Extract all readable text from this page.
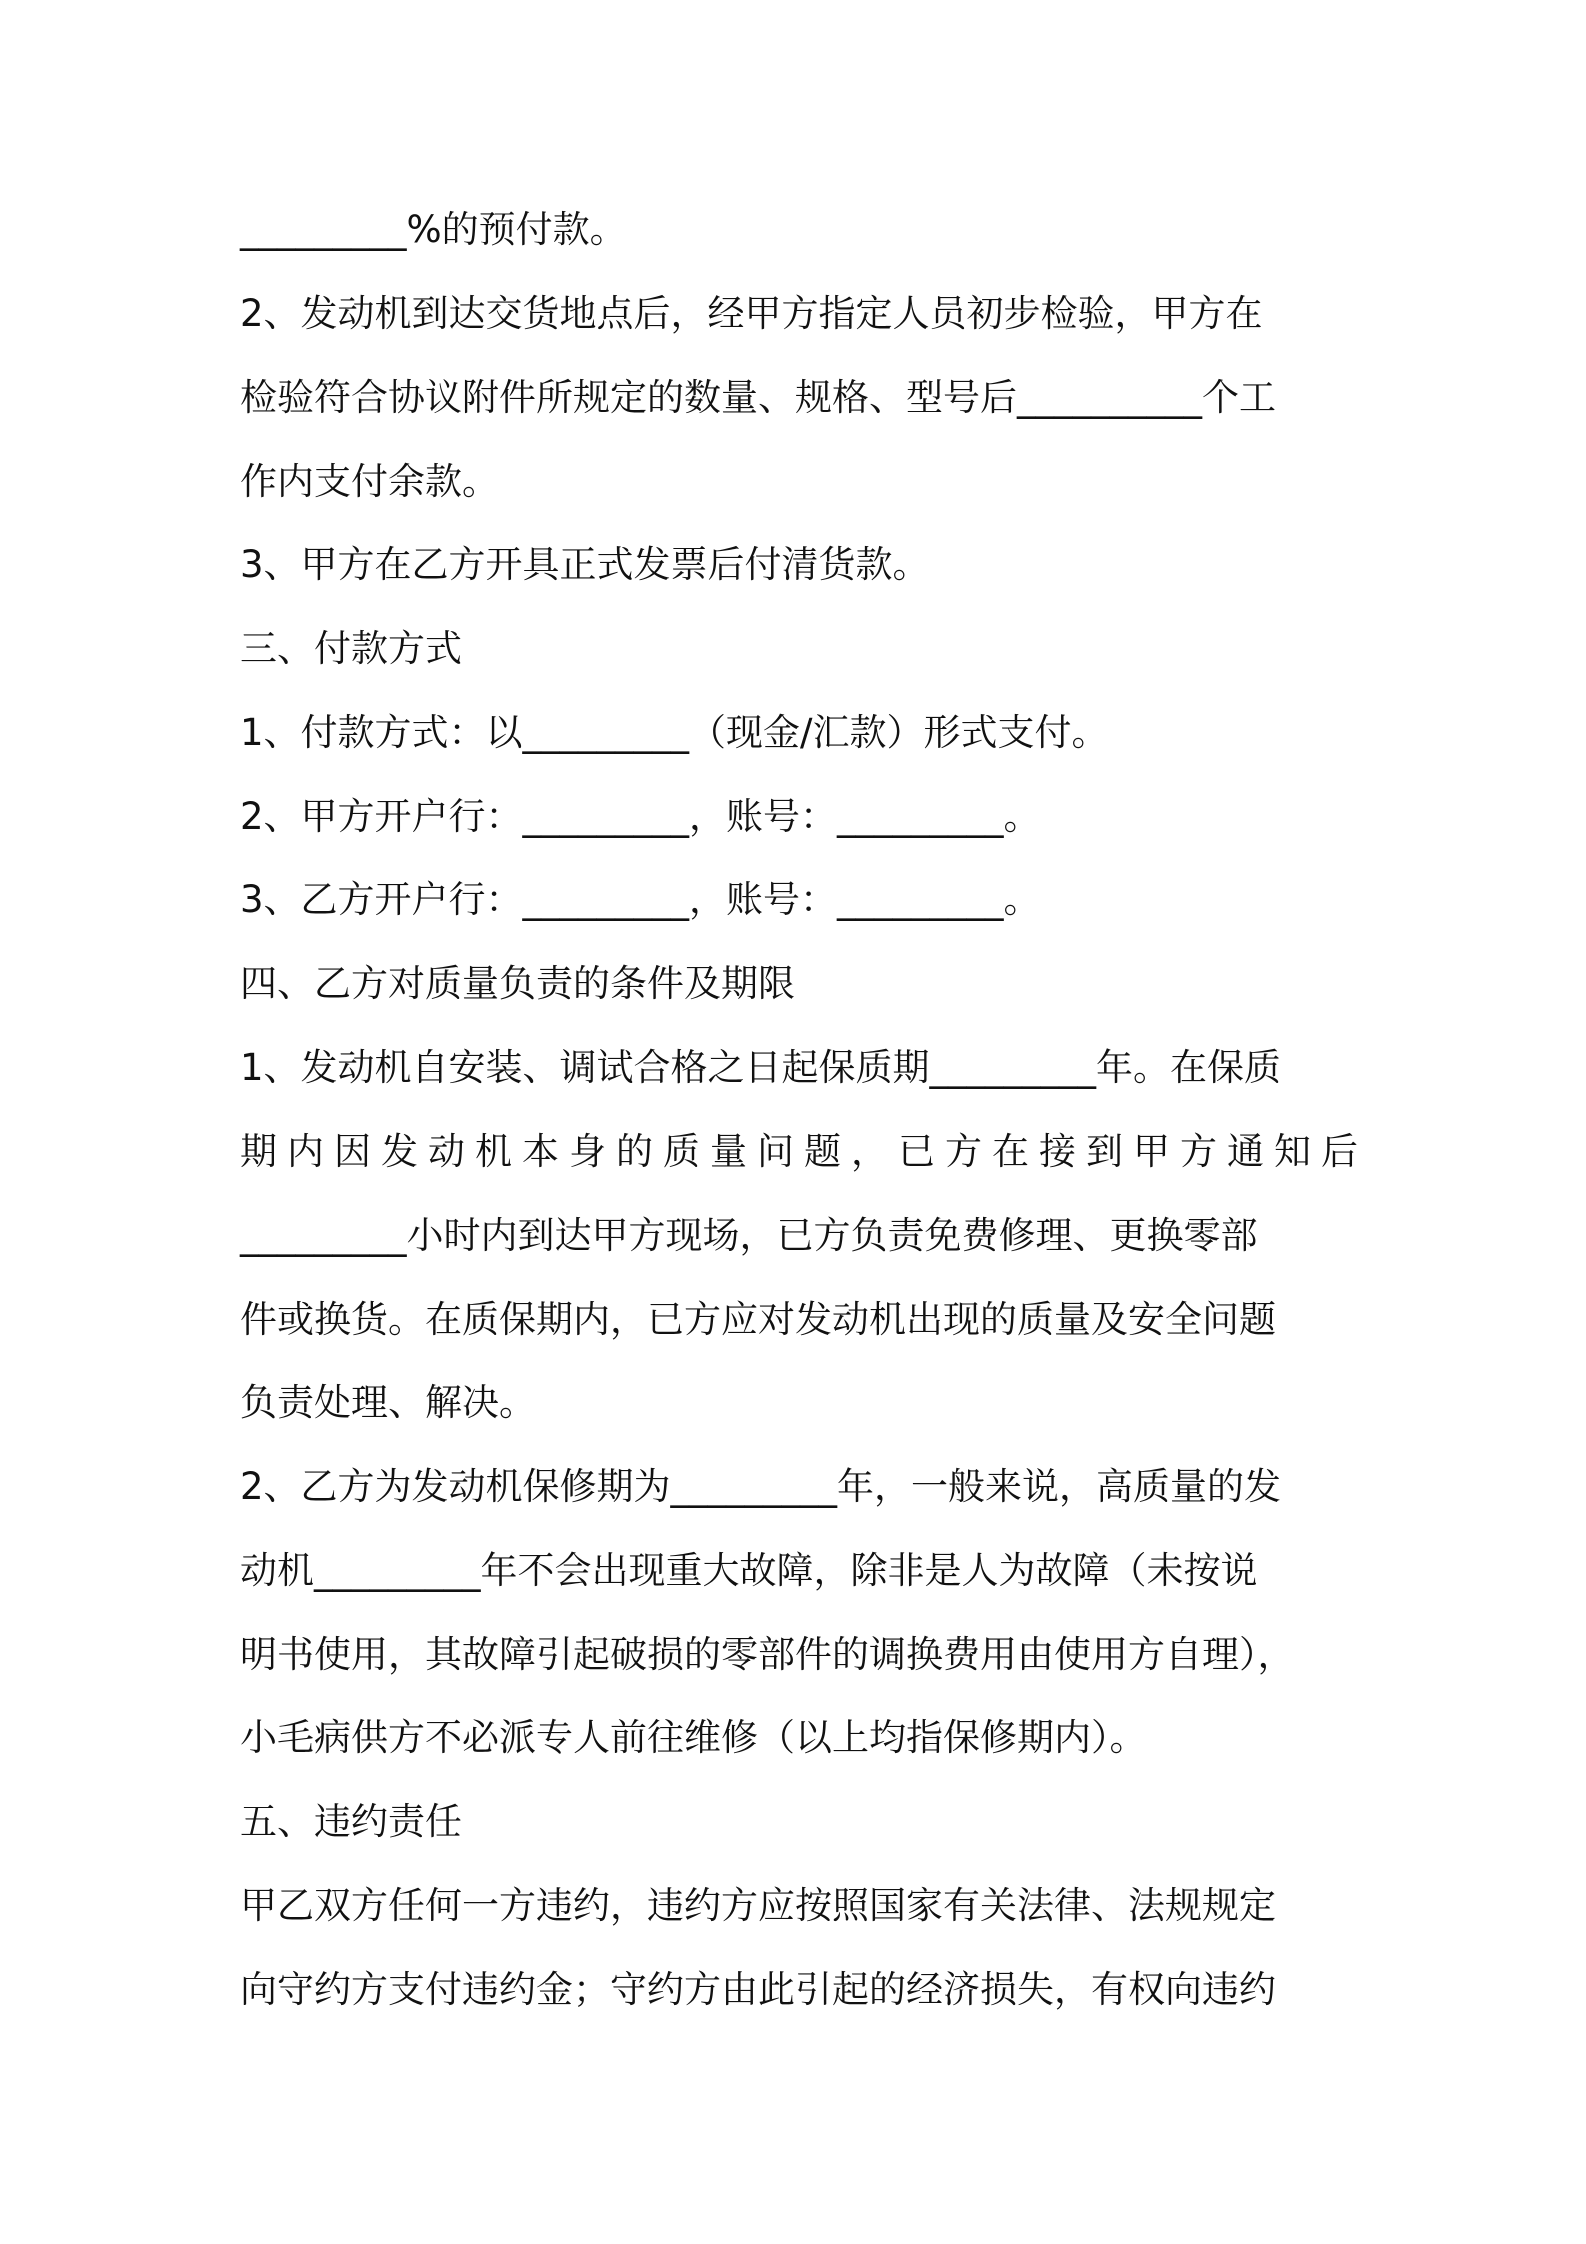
_________%的预付款。
2、发动机到达交货地点后，经甲方指定人员初步检验，甲方在
检验符合协议附件所规定的数量、规格、型号后__________个工
作内支付余款。
3、甲方在乙方开具正式发票后付清货款。
三、付款方式
1、付款方式：以_________（现金/汇款）形式支付。
2、甲方开户行：_________，账号：_________。
3、乙方开户行：_________，账号：_________。
四、乙方对质量负责的条件及期限
1、发动机自安装、调试合格之日起保质期_________年。在保质
期内因发动机本身的质量问题，已方在接到甲方通知后
_________小时内到达甲方现场，已方负责免费修理、更换零部
件或换货。在质保期内，已方应对发动机出现的质量及安全问题
负责处理、解决。
2、乙方为发动机保修期为_________年，一般来说，高质量的发
动机_________年不会出现重大故障，除非是人为故障（未按说
明书使用，其故障引起破损的零部件的调换费用由使用方自理），
小毛病供方不必派专人前往维修（以上均指保修期内）。
五、违约责任
甲乙双方任何一方违约，违约方应按照国家有关法律、法规规定
向守约方支付违约金；守约方由此引起的经济损失，有权向违约
